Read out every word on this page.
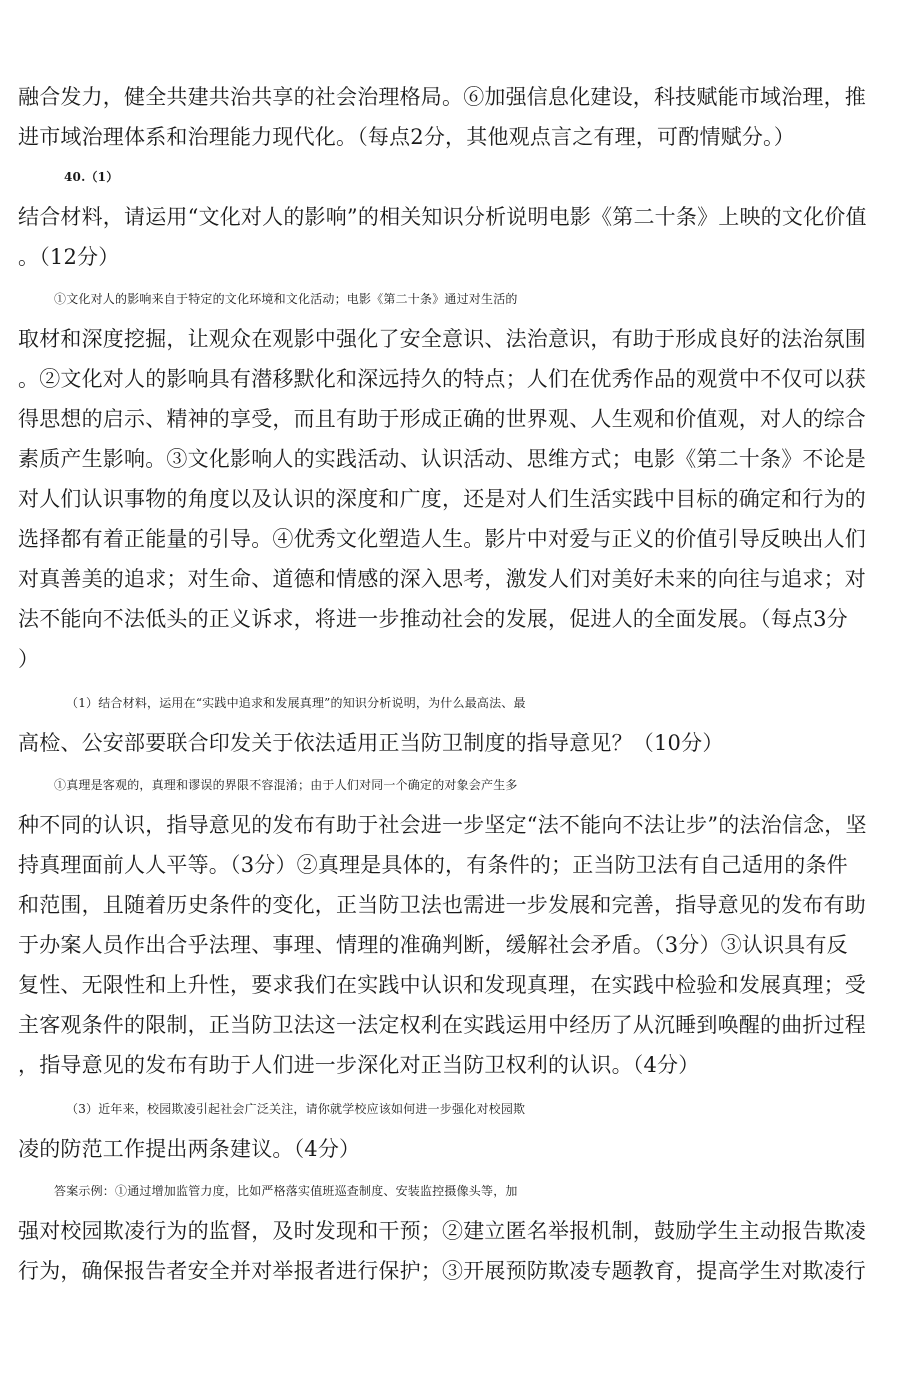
融合发力，健全共建共治共享的社会治理格局。⑥加强信息化建设，科技赋能市域治理，推
进市域治理体系和治理能力现代化。（每点2分，其他观点言之有理，可酌情赋分。）
40.（1）
结合材料，请运用“文化对人的影响”的相关知识分析说明电影《第二十条》上映的文化价值
。（12分）
①文化对人的影响来自于特定的文化环境和文化活动；电影《第二十条》通过对生活的
取材和深度挖掘，让观众在观影中强化了安全意识、法治意识，有助于形成良好的法治氛围
。②文化对人的影响具有潜移默化和深远持久的特点；人们在优秀作品的观赏中不仅可以获
得思想的启示、精神的享受，而且有助于形成正确的世界观、人生观和价值观，对人的综合
素质产生影响。③文化影响人的实践活动、认识活动、思维方式；电影《第二十条》不论是
对人们认识事物的角度以及认识的深度和广度，还是对人们生活实践中目标的确定和行为的
选择都有着正能量的引导。④优秀文化塑造人生。影片中对爱与正义的价值引导反映出人们
对真善美的追求；对生命、道德和情感的深入思考，激发人们对美好未来的向往与追求；对
法不能向不法低头的正义诉求，将进一步推动社会的发展，促进人的全面发展。（每点3分
）
（1）结合材料，运用在“实践中追求和发展真理”的知识分析说明，为什么最高法、最
高检、公安部要联合印发关于依法适用正当防卫制度的指导意见？（10分）
①真理是客观的，真理和谬误的界限不容混淆；由于人们对同一个确定的对象会产生多
种不同的认识，指导意见的发布有助于社会进一步坚定“法不能向不法让步”的法治信念，坚
持真理面前人人平等。（3分）②真理是具体的，有条件的；正当防卫法有自己适用的条件
和范围，且随着历史条件的变化，正当防卫法也需进一步发展和完善，指导意见的发布有助
于办案人员作出合乎法理、事理、情理的准确判断，缓解社会矛盾。（3分）③认识具有反
复性、无限性和上升性，要求我们在实践中认识和发现真理，在实践中检验和发展真理；受
主客观条件的限制，正当防卫法这一法定权利在实践运用中经历了从沉睡到唤醒的曲折过程
，指导意见的发布有助于人们进一步深化对正当防卫权利的认识。（4分）
（3）近年来，校园欺凌引起社会广泛关注，请你就学校应该如何进一步强化对校园欺
凌的防范工作提出两条建议。（4分）
答案示例：①通过增加监管力度，比如严格落实值班巡查制度、安装监控摄像头等，加
强对校园欺凌行为的监督，及时发现和干预；②建立匿名举报机制，鼓励学生主动报告欺凌
行为，确保报告者安全并对举报者进行保护；③开展预防欺凌专题教育，提高学生对欺凌行
